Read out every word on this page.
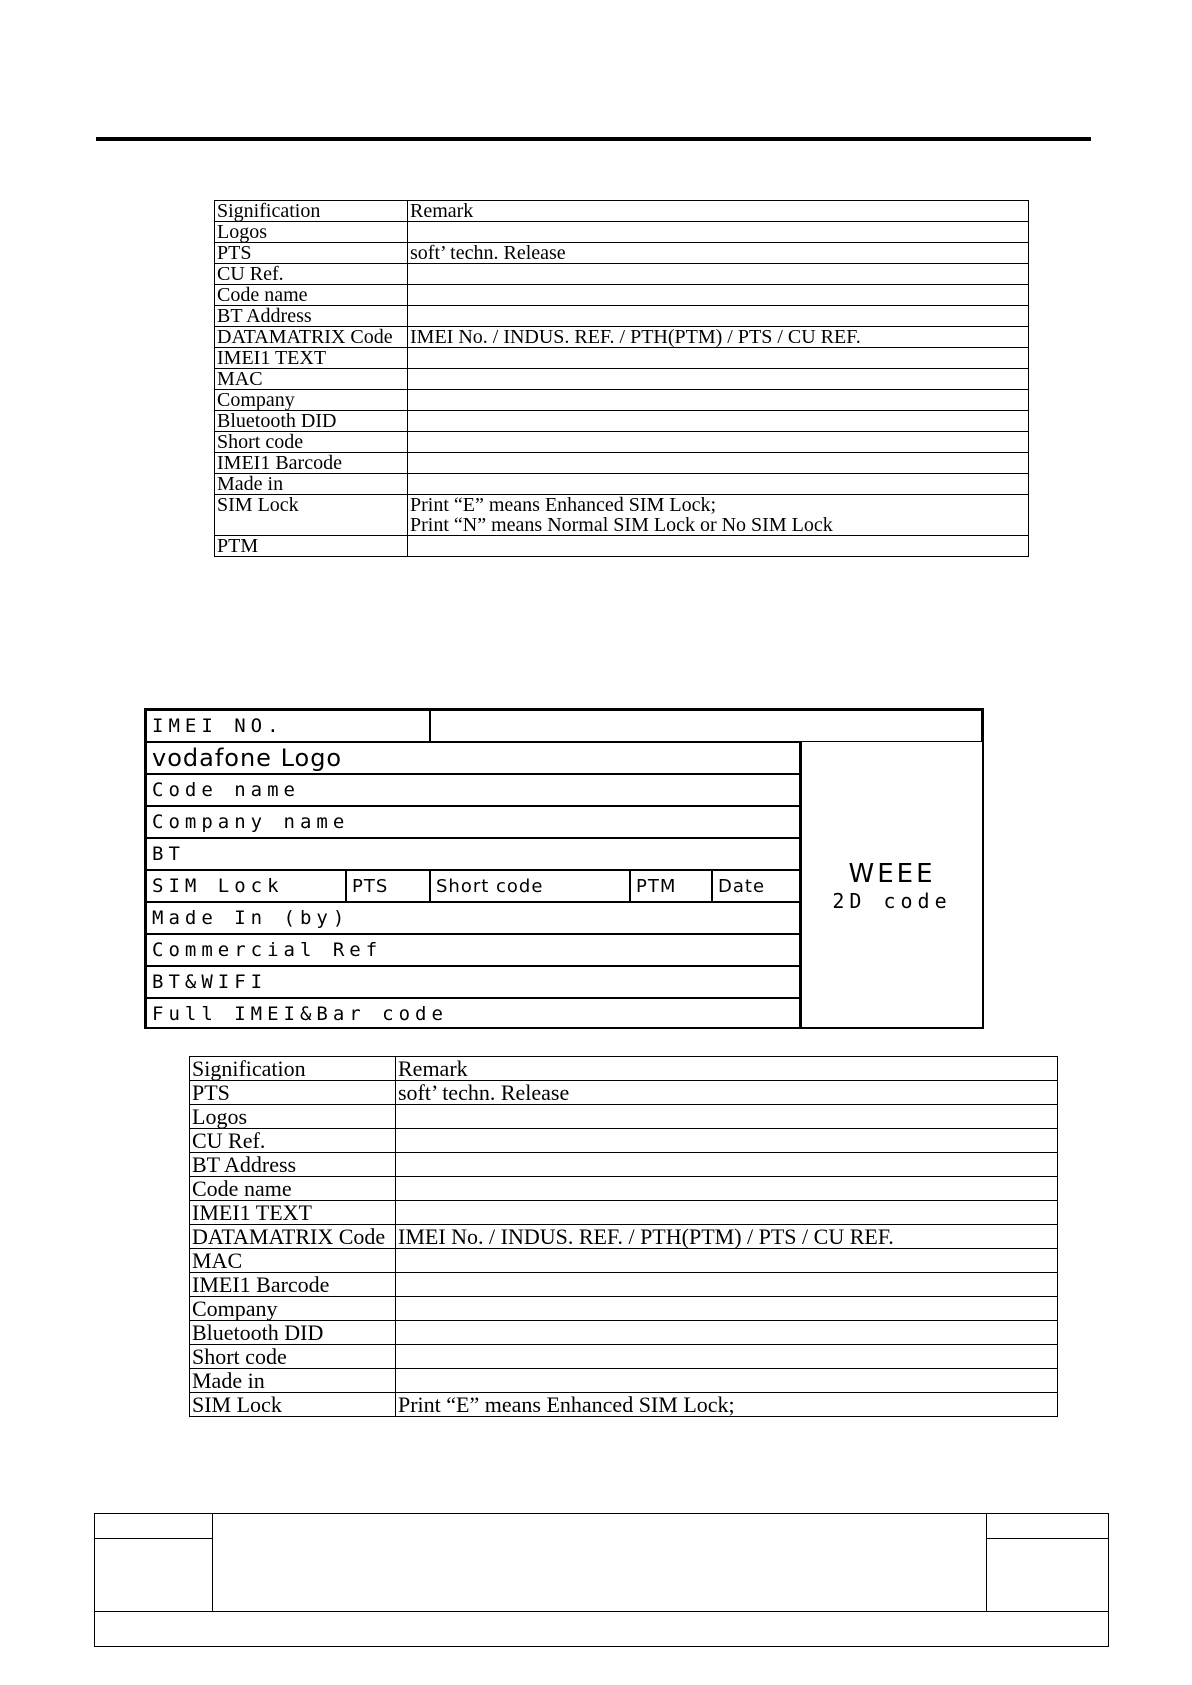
Signification	Remark
Logos	
PTS	soft’ techn. Release
CU Ref.	
Code name	
BT Address	
DATAMATRIX Code	IMEI No. / INDUS. REF. / PTH(PTM) / PTS / CU REF.
IMEI1 TEXT	
MAC	
Company	
Bluetooth DID	
Short code	
IMEI1 Barcode	
Made in	
SIM Lock	Print “E” means Enhanced SIM Lock;
Print “N” means Normal SIM Lock or No SIM Lock
PTM	
IMEI NO.
vodafone Logo
Code name
Company name
BT
SIM Lock	PTS	Short code	PTM	Date
Made In (by)
Commercial Ref
BT&WIFI
Full IMEI&Bar code
WEEE
2D code
Signification	Remark
PTS	soft’ techn. Release
Logos	
CU Ref.	
BT Address	
Code name	
IMEI1 TEXT	
DATAMATRIX Code	IMEI No. / INDUS. REF. / PTH(PTM) / PTS / CU REF.
MAC	
IMEI1 Barcode	
Company	
Bluetooth DID	
Short code	
Made in	
SIM Lock	Print “E” means Enhanced SIM Lock;
